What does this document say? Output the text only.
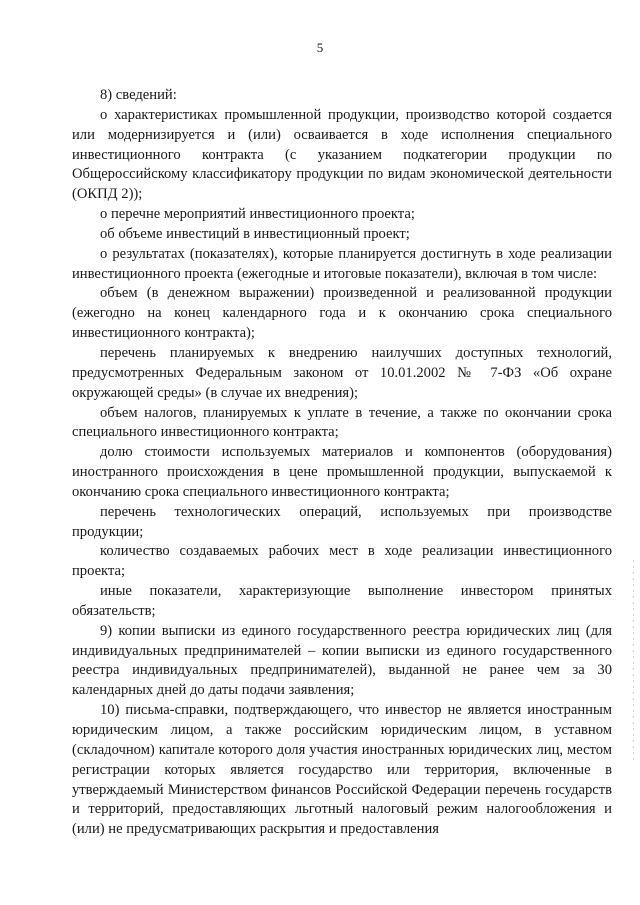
5

8) сведений:

о характеристиках промышленной продукции, производство которой создается или модернизируется и (или) осваивается в ходе исполнения специального инвестиционного контракта (с указанием подкатегории продукции по Общероссийскому классификатору продукции по видам экономической деятельности (ОКПД 2));

о перечне мероприятий инвестиционного проекта;

об объеме инвестиций в инвестиционный проект;

о результатах (показателях), которые планируется достигнуть в ходе реализации инвестиционного проекта (ежегодные и итоговые показатели), включая в том числе:

объем (в денежном выражении) произведенной и реализованной продукции (ежегодно на конец календарного года и к окончанию срока специального инвестиционного контракта);

перечень планируемых к внедрению наилучших доступных технологий, предусмотренных Федеральным законом от 10.01.2002 № 7-ФЗ «Об охране окружающей среды» (в случае их внедрения);

объем налогов, планируемых к уплате в течение, а также по окончании срока специального инвестиционного контракта;

долю стоимости используемых материалов и компонентов (оборудования) иностранного происхождения в цене промышленной продукции, выпускаемой к окончанию срока специального инвестиционного контракта;

перечень технологических операций, используемых при производстве продукции;

количество создаваемых рабочих мест в ходе реализации инвестиционного проекта;

иные показатели, характеризующие выполнение инвестором принятых обязательств;

9) копии выписки из единого государственного реестра юридических лиц (для индивидуальных предпринимателей – копии выписки из единого государственного реестра индивидуальных предпринимателей), выданной не ранее чем за 30 календарных дней до даты подачи заявления;

10) письма-справки, подтверждающего, что инвестор не является иностранным юридическим лицом, а также российским юридическим лицом, в уставном (складочном) капитале которого доля участия иностранных юридических лиц, местом регистрации которых является государство или территория, включенные в утверждаемый Министерством финансов Российской Федерации перечень государств и территорий, предоставляющих льготный налоговый режим налогообложения и (или) не предусматривающих раскрытия и предоставления
